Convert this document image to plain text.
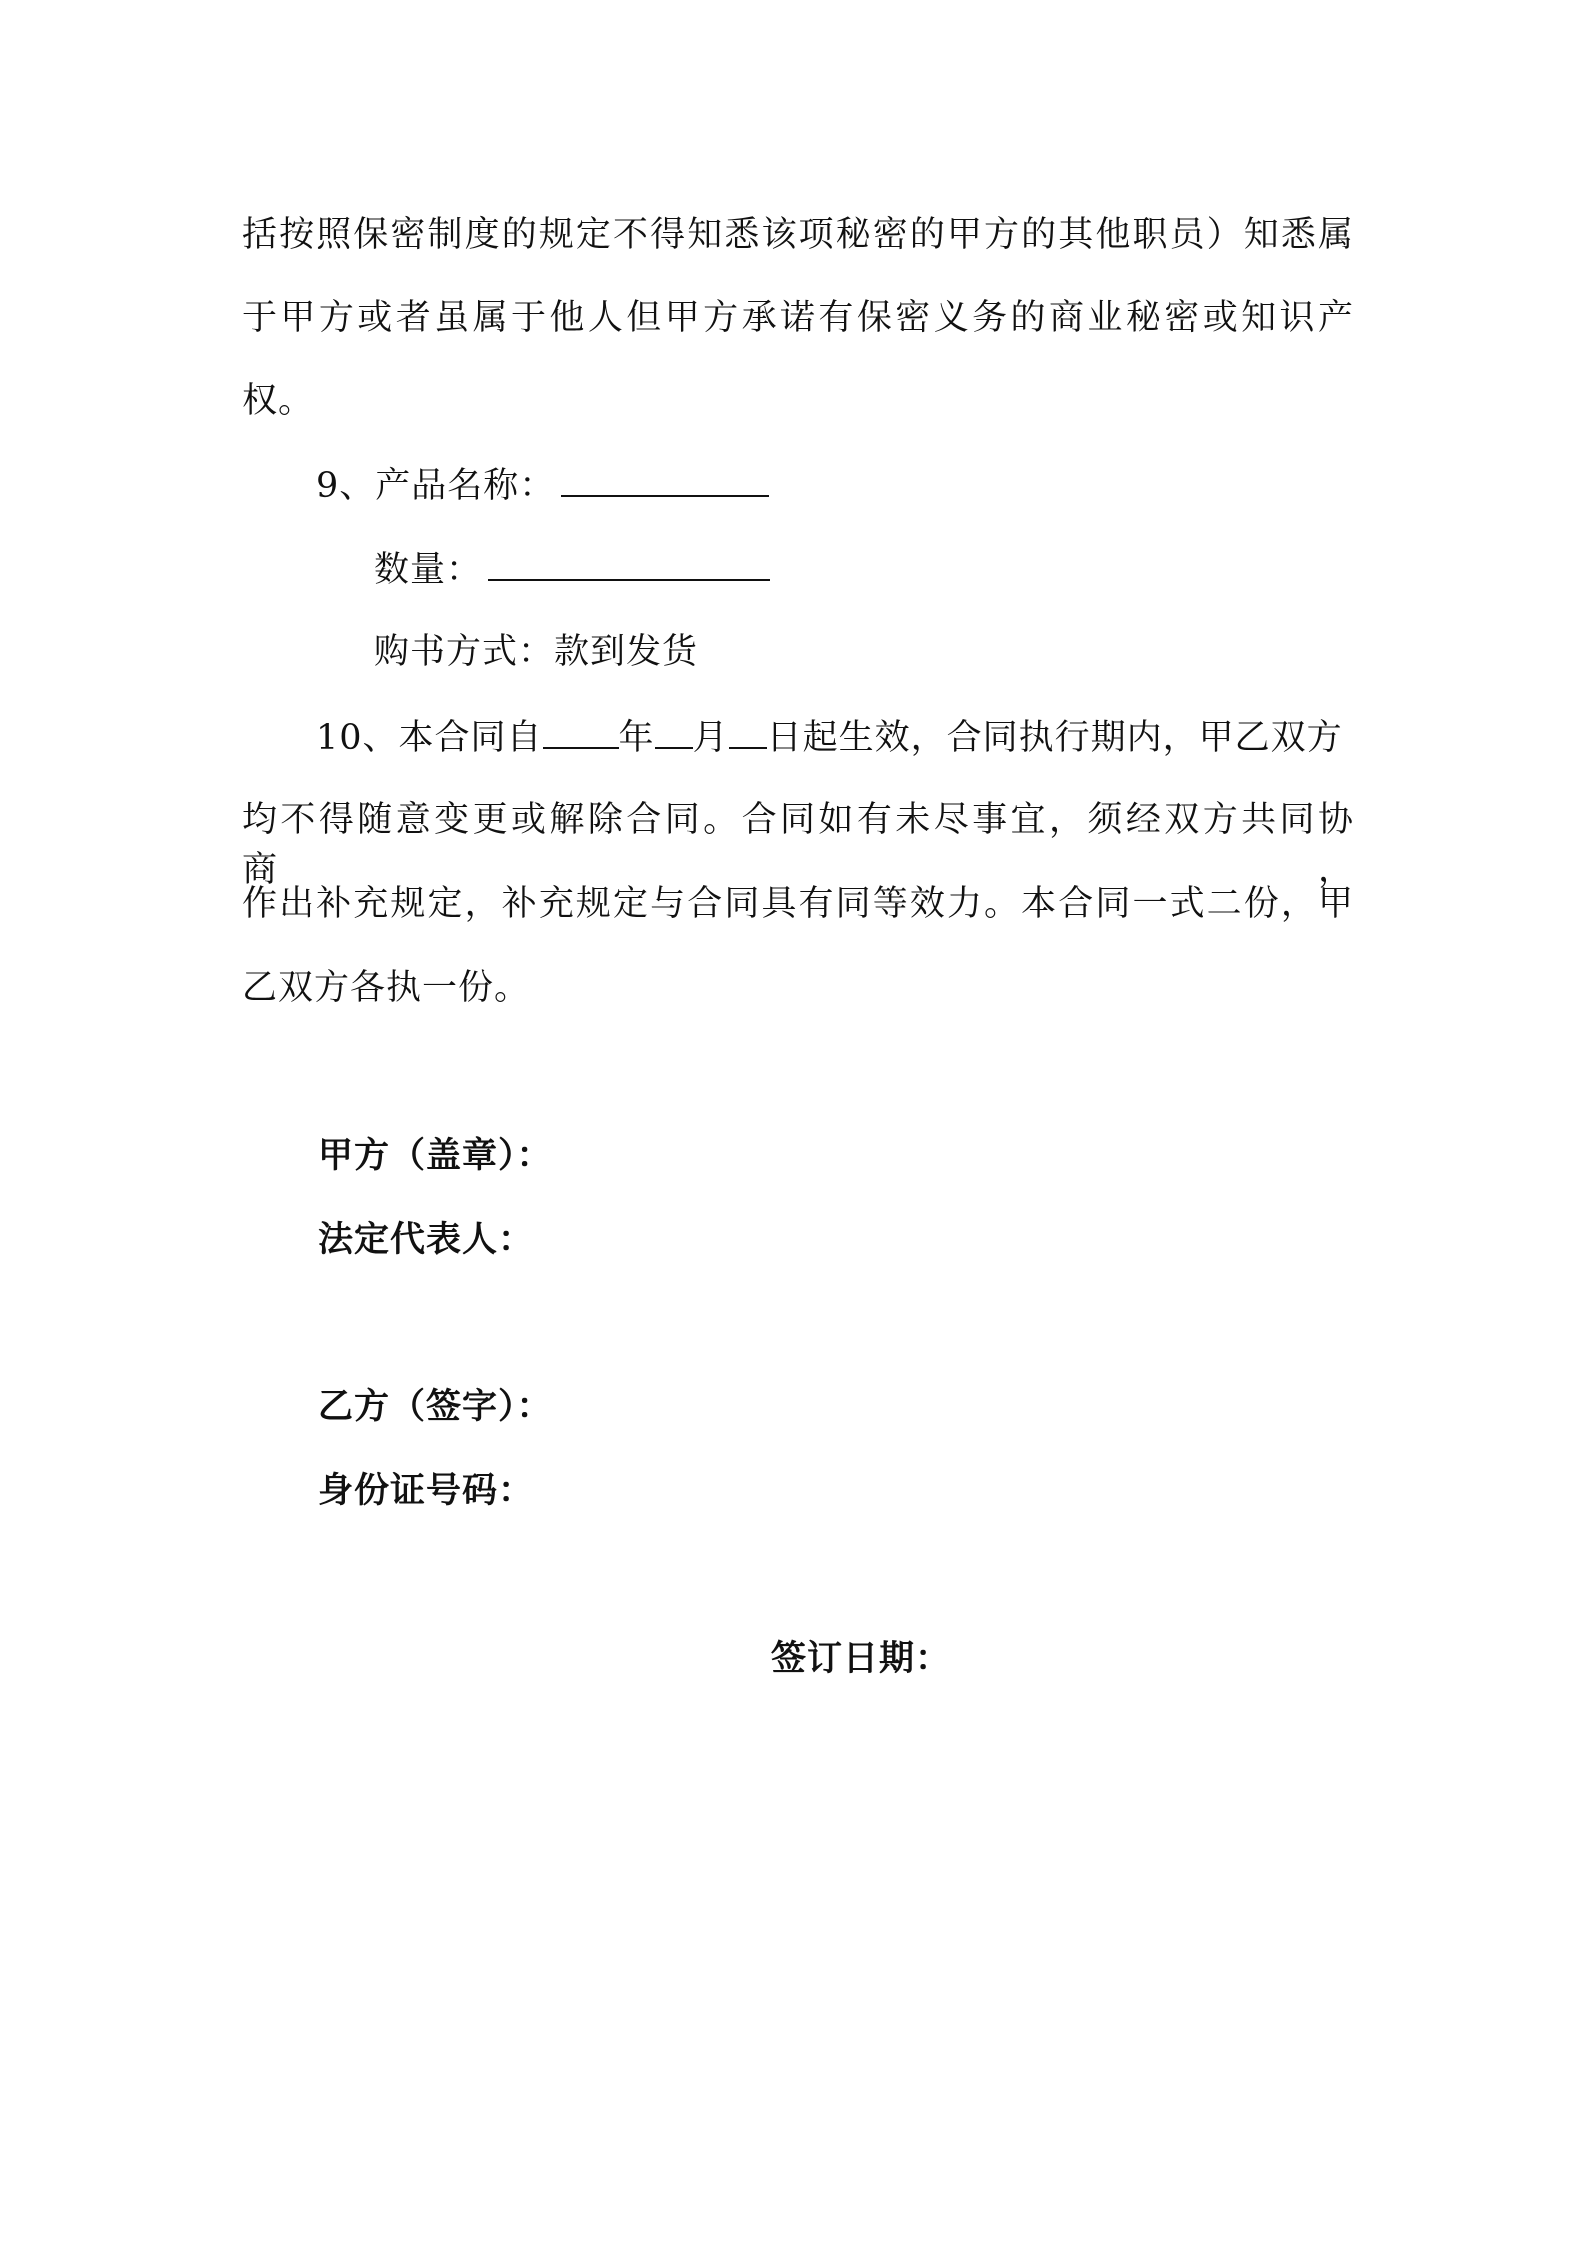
括按照保密制度的规定不得知悉该项秘密的甲方的其他职员）知悉属
于甲方或者虽属于他人但甲方承诺有保密义务的商业秘密或知识产
权。
9、产品名称：
数量：
购书方式：款到发货
10、本合同自 年 月 日起生效，合同执行期内，甲乙双方
均不得随意变更或解除合同。合同如有未尽事宜，须经双方共同协商，
作出补充规定，补充规定与合同具有同等效力。本合同一式二份，甲
乙双方各执一份。
甲方（盖章）：
法定代表人：
乙方（签字）：
身份证号码：
签订日期：
